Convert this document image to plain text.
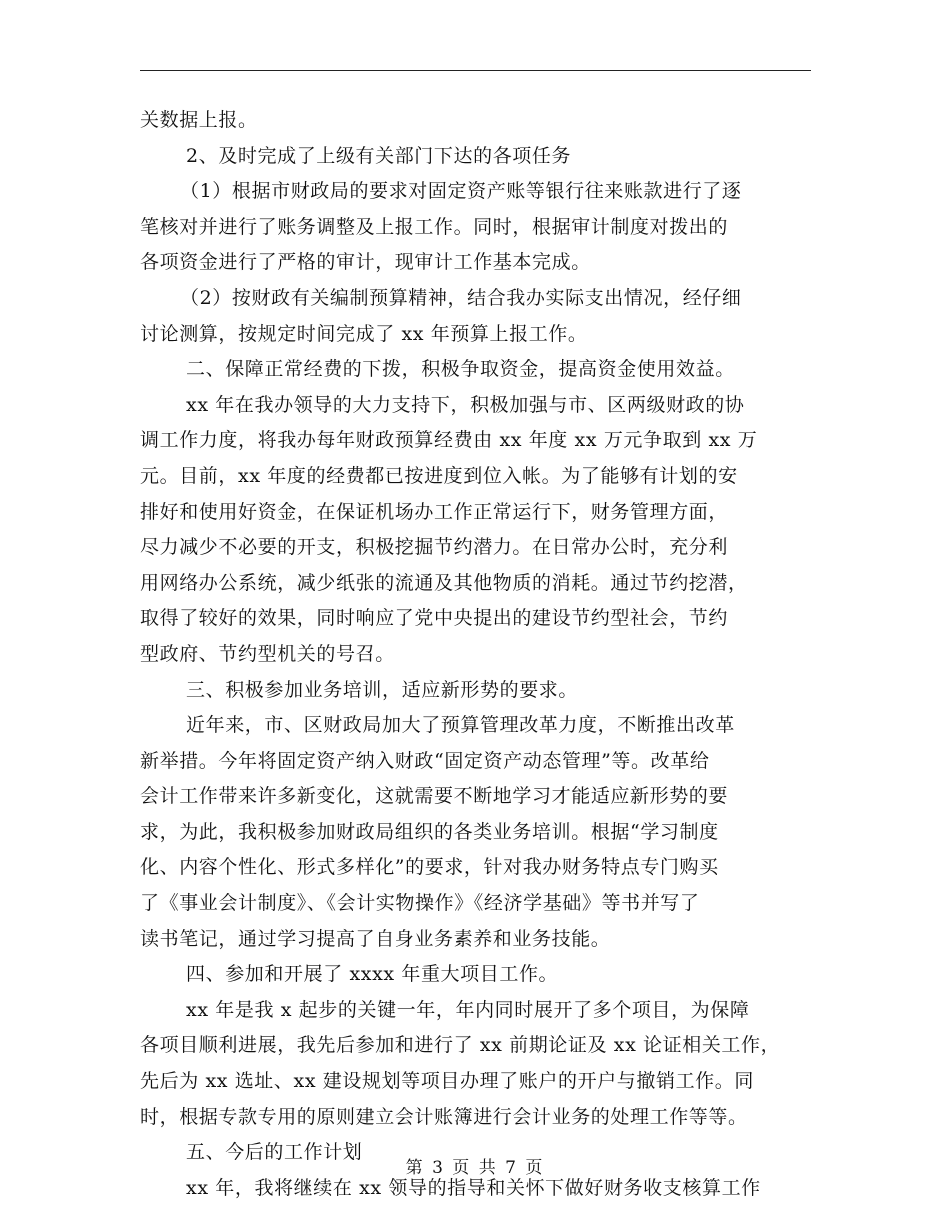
关数据上报。
2、及时完成了上级有关部门下达的各项任务
（1）根据市财政局的要求对固定资产账等银行往来账款进行了逐
笔核对并进行了账务调整及上报工作。同时，根据审计制度对拨出的
各项资金进行了严格的审计，现审计工作基本完成。
（2）按财政有关编制预算精神，结合我办实际支出情况，经仔细
讨论测算，按规定时间完成了 xx 年预算上报工作。
二、保障正常经费的下拨，积极争取资金，提高资金使用效益。
xx 年在我办领导的大力支持下，积极加强与市、区两级财政的协
调工作力度，将我办每年财政预算经费由 xx 年度 xx 万元争取到 xx 万
元。目前，xx 年度的经费都已按进度到位入帐。为了能够有计划的安
排好和使用好资金，在保证机场办工作正常运行下，财务管理方面，
尽力减少不必要的开支，积极挖掘节约潜力。在日常办公时，充分利
用网络办公系统，减少纸张的流通及其他物质的消耗。通过节约挖潜，
取得了较好的效果，同时响应了党中央提出的建设节约型社会，节约
型政府、节约型机关的号召。
三、积极参加业务培训，适应新形势的要求。
近年来，市、区财政局加大了预算管理改革力度，不断推出改革
新举措。今年将固定资产纳入财政“固定资产动态管理”等。改革给
会计工作带来许多新变化，这就需要不断地学习才能适应新形势的要
求，为此，我积极参加财政局组织的各类业务培训。根据“学习制度
化、内容个性化、形式多样化”的要求，针对我办财务特点专门购买
了《事业会计制度》、《会计实物操作》《经济学基础》等书并写了
读书笔记，通过学习提高了自身业务素养和业务技能。
四、参加和开展了 xxxx 年重大项目工作。
xx 年是我 x 起步的关键一年，年内同时展开了多个项目，为保障
各项目顺利进展，我先后参加和进行了 xx 前期论证及 xx 论证相关工作，
先后为 xx 选址、xx 建设规划等项目办理了账户的开户与撤销工作。同
时，根据专款专用的原则建立会计账簿进行会计业务的处理工作等等。
五、今后的工作计划
xx 年，我将继续在 xx 领导的指导和关怀下做好财务收支核算工作
第 3 页 共 7 页
